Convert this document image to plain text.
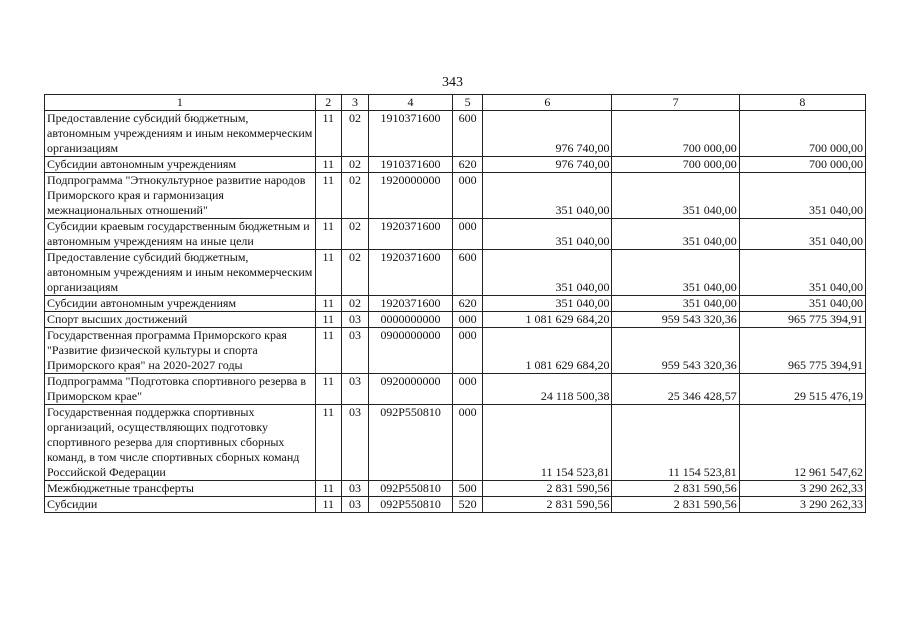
343
1	2	3	4	5	6	7	8
Предоставление субсидий бюджетным, автономным учреждениям и иным некоммерческим организациям	11	02	1910371600	600	976 740,00	700 000,00	700 000,00
Субсидии автономным учреждениям	11	02	1910371600	620	976 740,00	700 000,00	700 000,00
Подпрограмма "Этнокультурное развитие народов Приморского края и гармонизация межнациональных отношений"	11	02	1920000000	000	351 040,00	351 040,00	351 040,00
Субсидии краевым государственным бюджетным и автономным учреждениям на иные цели	11	02	1920371600	000	351 040,00	351 040,00	351 040,00
Предоставление субсидий бюджетным, автономным учреждениям и иным некоммерческим организациям	11	02	1920371600	600	351 040,00	351 040,00	351 040,00
Субсидии автономным учреждениям	11	02	1920371600	620	351 040,00	351 040,00	351 040,00
Спорт высших достижений	11	03	0000000000	000	1 081 629 684,20	959 543 320,36	965 775 394,91
Государственная программа Приморского края "Развитие физической культуры и спорта Приморского края" на 2020-2027 годы	11	03	0900000000	000	1 081 629 684,20	959 543 320,36	965 775 394,91
Подпрограмма "Подготовка спортивного резерва в Приморском крае"	11	03	0920000000	000	24 118 500,38	25 346 428,57	29 515 476,19
Государственная поддержка спортивных организаций, осуществляющих подготовку спортивного резерва для спортивных сборных команд, в том числе спортивных сборных команд Российской Федерации	11	03	092P550810	000	11 154 523,81	11 154 523,81	12 961 547,62
Межбюджетные трансферты	11	03	092P550810	500	2 831 590,56	2 831 590,56	3 290 262,33
Субсидии	11	03	092P550810	520	2 831 590,56	2 831 590,56	3 290 262,33
